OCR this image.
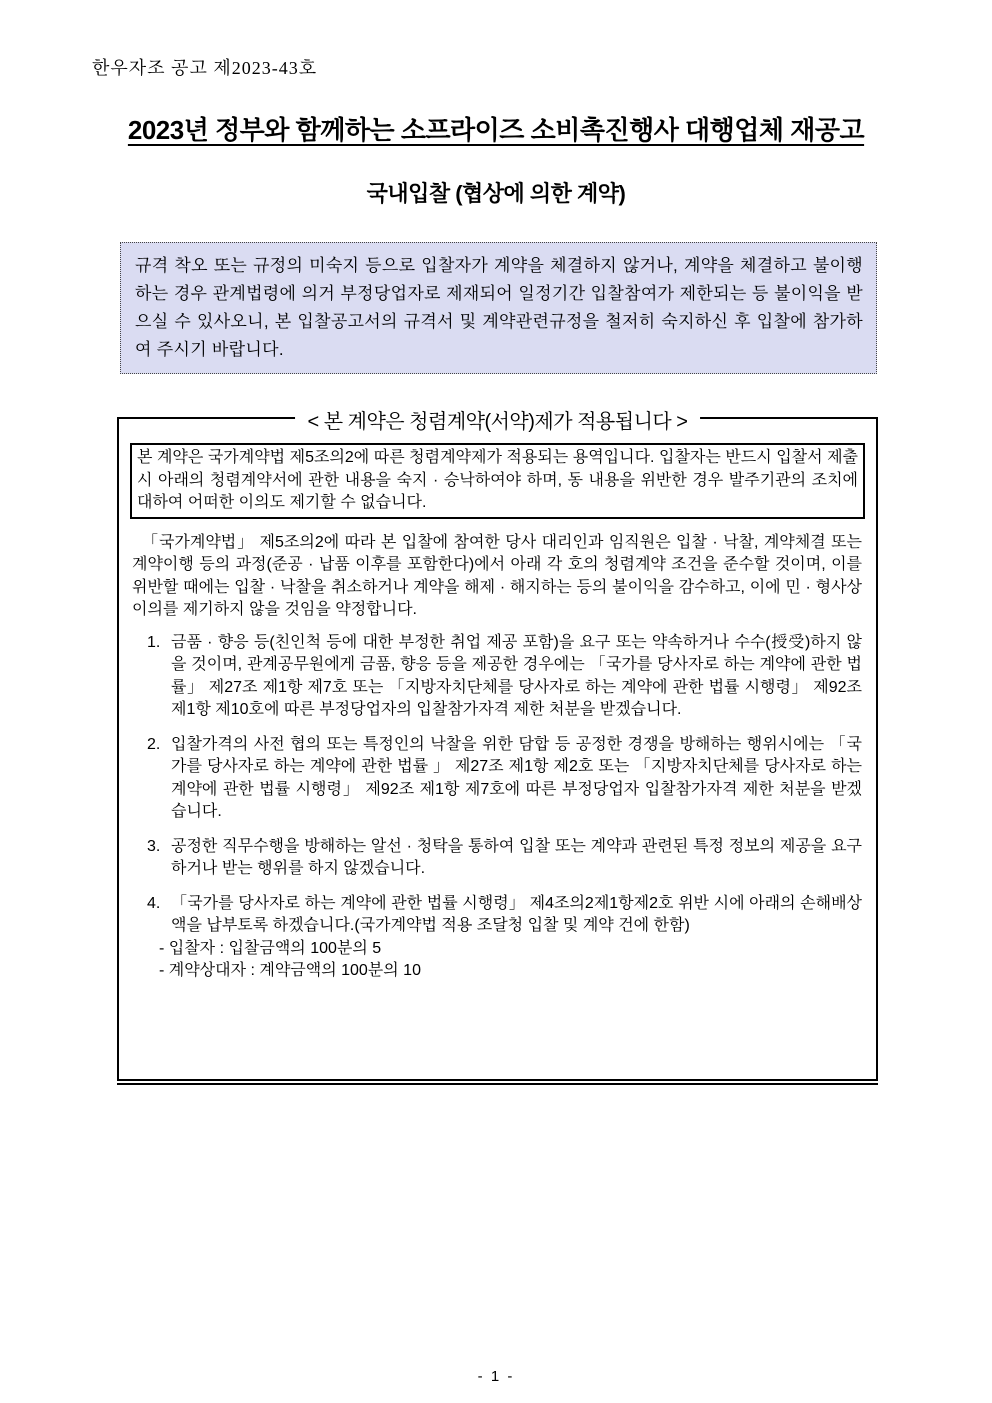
한우자조 공고 제2023-43호
2023년 정부와 함께하는 소프라이즈 소비촉진행사 대행업체 재공고
국내입찰 (협상에 의한 계약)
규격 착오 또는 규정의 미숙지 등으로 입찰자가 계약을 체결하지 않거나, 계약을 체결하고 불이행하는 경우 관계법령에 의거 부정당업자로 제재되어 일정기간 입찰참여가 제한되는 등 불이익을 받으실 수 있사오니, 본 입찰공고서의 규격서 및 계약관련규정을 철저히 숙지하신 후 입찰에 참가하여 주시기 바랍니다.
< 본 계약은 청렴계약(서약)제가 적용됩니다 >
본 계약은 국가계약법 제5조의2에 따른 청렴계약제가 적용되는 용역입니다. 입찰자는 반드시 입찰서 제출시 아래의 청렴계약서에 관한 내용을 숙지 · 승낙하여야 하며, 동 내용을 위반한 경우 발주기관의 조치에 대하여 어떠한 이의도 제기할 수 없습니다.
「국가계약법」 제5조의2에 따라 본 입찰에 참여한 당사 대리인과 임직원은 입찰 · 낙찰, 계약체결 또는 계약이행 등의 과정(준공 · 납품 이후를 포함한다)에서 아래 각 호의 청렴계약 조건을 준수할 것이며, 이를 위반할 때에는 입찰 · 낙찰을 취소하거나 계약을 해제 · 해지하는 등의 불이익을 감수하고, 이에 민 · 형사상 이의를 제기하지 않을 것임을 약정합니다.
1. 금품 · 향응 등(친인척 등에 대한 부정한 취업 제공 포함)을 요구 또는 약속하거나 수수(授受)하지 않을 것이며, 관계공무원에게 금품, 향응 등을 제공한 경우에는 「국가를 당사자로 하는 계약에 관한 법률」 제27조 제1항 제7호 또는 「지방자치단체를 당사자로 하는 계약에 관한 법률 시행령」 제92조 제1항 제10호에 따른 부정당업자의 입찰참가자격 제한 처분을 받겠습니다.
2. 입찰가격의 사전 협의 또는 특정인의 낙찰을 위한 담합 등 공정한 경쟁을 방해하는 행위시에는 「국가를 당사자로 하는 계약에 관한 법률 」 제27조 제1항 제2호 또는 「지방자치단체를 당사자로 하는 계약에 관한 법률 시행령」 제92조 제1항 제7호에 따른 부정당업자 입찰참가자격 제한 처분을 받겠습니다.
3. 공정한 직무수행을 방해하는 알선 · 청탁을 통하여 입찰 또는 계약과 관련된 특정 정보의 제공을 요구하거나 받는 행위를 하지 않겠습니다.
4. 「국가를 당사자로 하는 계약에 관한 법률 시행령」 제4조의2제1항제2호 위반 시에 아래의 손해배상액을 납부토록 하겠습니다.(국가계약법 적용 조달청 입찰 및 계약 건에 한함)
- 입찰자 : 입찰금액의 100분의 5
- 계약상대자 : 계약금액의 100분의 10
- 1 -
